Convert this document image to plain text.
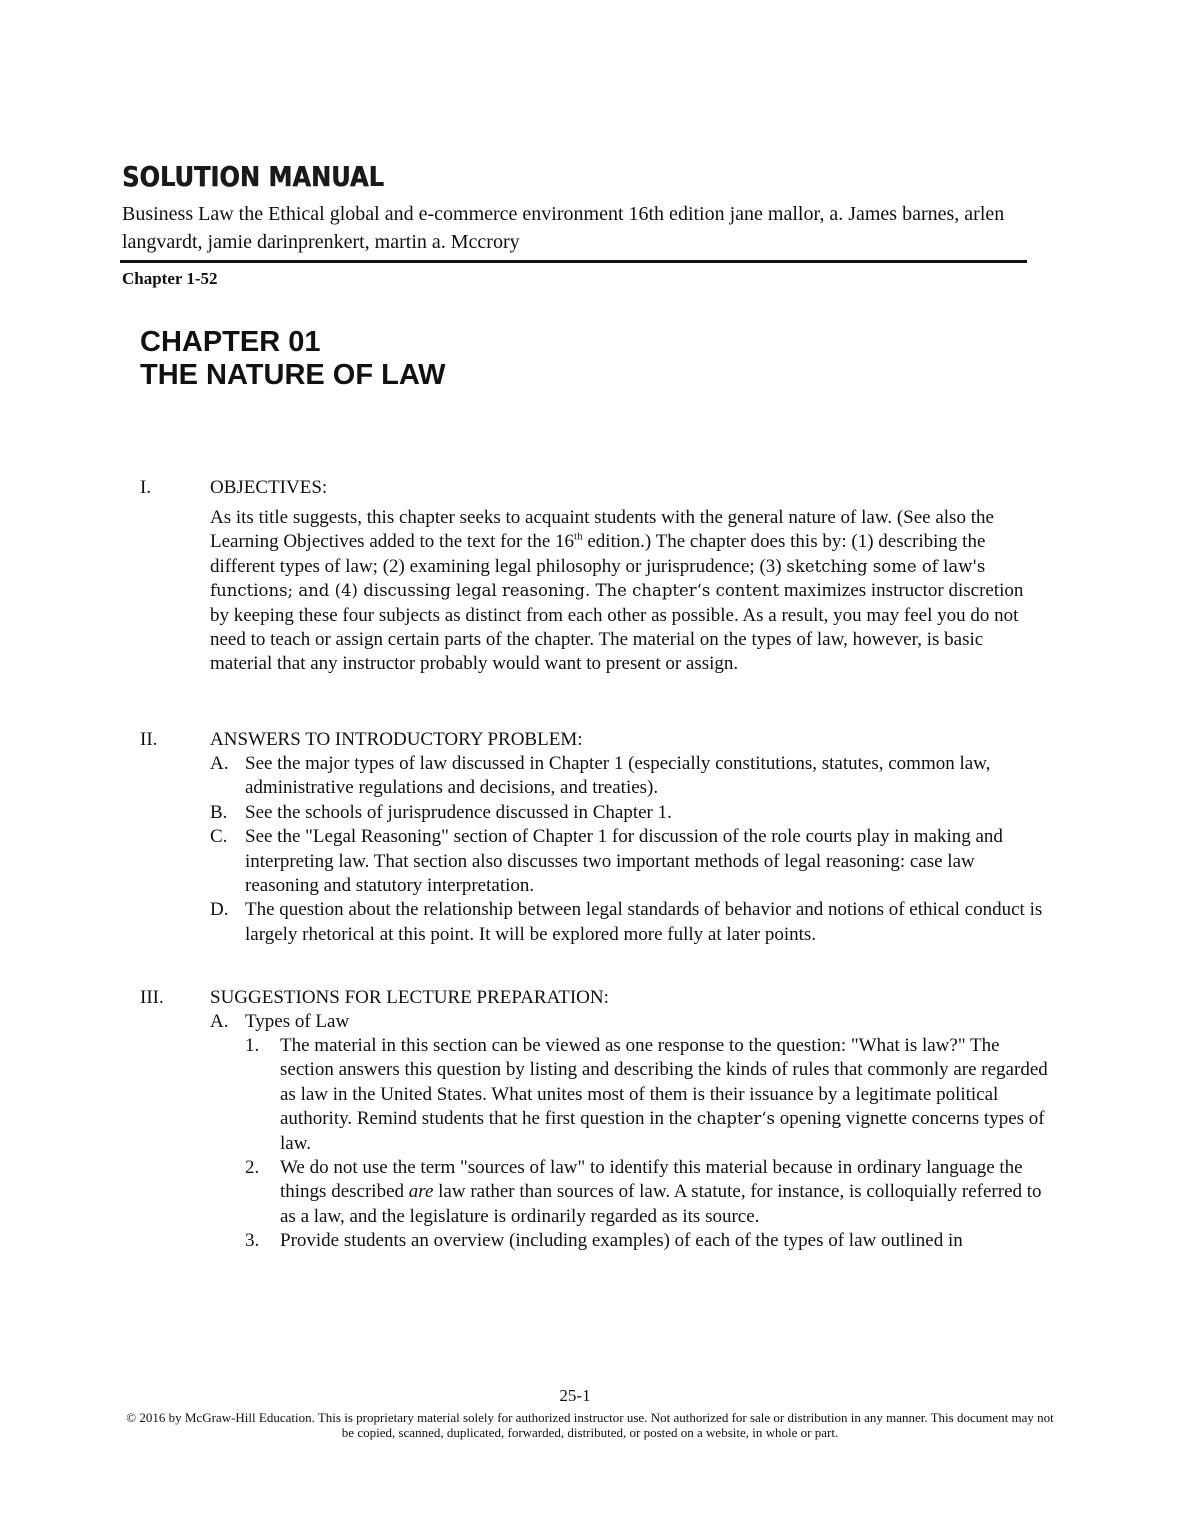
SOLUTION MANUAL
Business Law the Ethical global and e-commerce environment 16th edition jane mallor, a. James barnes, arlen langvardt, jamie darinprenkert, martin a. Mccrory
Chapter 1-52
CHAPTER 01
THE NATURE OF LAW
I.	OBJECTIVES:

As its title suggests, this chapter seeks to acquaint students with the general nature of law. (See also the Learning Objectives added to the text for the 16th edition.) The chapter does this by: (1) describing the different types of law; (2) examining legal philosophy or jurisprudence; (3) sketching some of law's functions; and (4) discussing legal reasoning. The chapter‘s content maximizes instructor discretion by keeping these four subjects as distinct from each other as possible. As a result, you may feel you do not need to teach or assign certain parts of the chapter. The material on the types of law, however, is basic material that any instructor probably would want to present or assign.

II.	ANSWERS TO INTRODUCTORY PROBLEM:
A. See the major types of law discussed in Chapter 1 (especially constitutions, statutes, common law, administrative regulations and decisions, and treaties).
B. See the schools of jurisprudence discussed in Chapter 1.
C. See the "Legal Reasoning" section of Chapter 1 for discussion of the role courts play in making and interpreting law. That section also discusses two important methods of legal reasoning: case law reasoning and statutory interpretation.
D. The question about the relationship between legal standards of behavior and notions of ethical conduct is largely rhetorical at this point. It will be explored more fully at later points.
III. SUGGESTIONS FOR LECTURE PREPARATION:
A. Types of Law
1. The material in this section can be viewed as one response to the question: "What is law?" The section answers this question by listing and describing the kinds of rules that commonly are regarded as law in the United States. What unites most of them is their issuance by a legitimate political authority. Remind students that he first question in the chapter‘s opening vignette concerns types of law.
2. We do not use the term "sources of law" to identify this material because in ordinary language the things described are law rather than sources of law. A statute, for instance, is colloquially referred to as a law, and the legislature is ordinarily regarded as its source.
3. Provide students an overview (including examples) of each of the types of law outlined in
25-1
© 2016 by McGraw-Hill Education. This is proprietary material solely for authorized instructor use. Not authorized for sale or distribution in any manner. This document may not be copied, scanned, duplicated, forwarded, distributed, or posted on a website, in whole or part.
